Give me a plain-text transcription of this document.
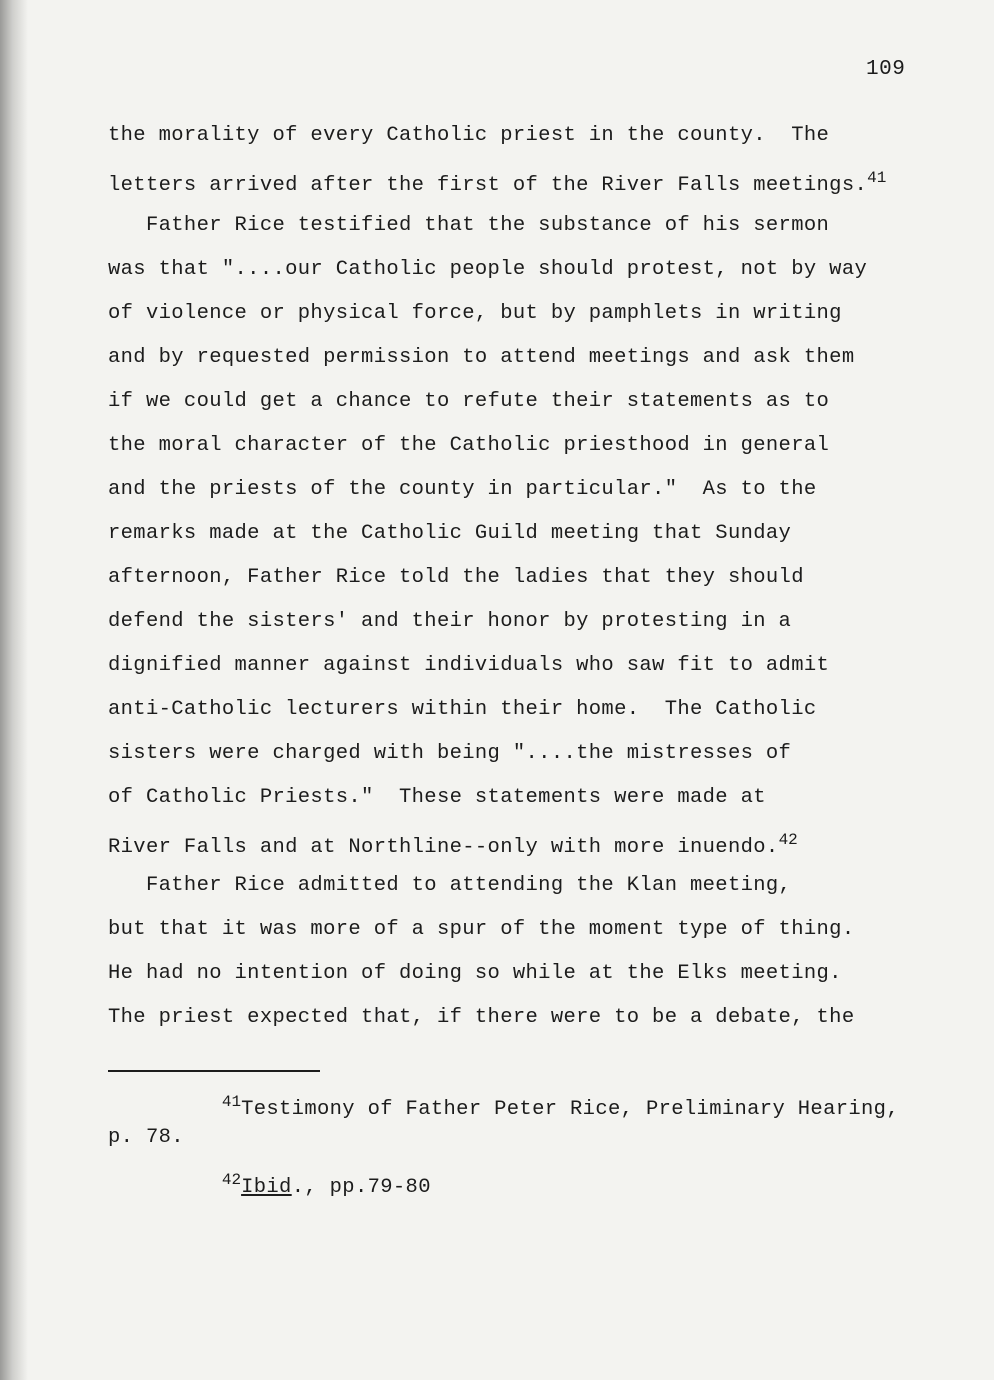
109
the morality of every Catholic priest in the county.  The
letters arrived after the first of the River Falls meetings.$^{41}$
Father Rice testified that the substance of his sermon
was that "....our Catholic people should protest, not by way
of violence or physical force, but by pamphlets in writing
and by requested permission to attend meetings and ask them
if we could get a chance to refute their statements as to
the moral character of the Catholic priesthood in general
and the priests of the county in particular."  As to the
remarks made at the Catholic Guild meeting that Sunday
afternoon, Father Rice told the ladies that they should
defend the sisters' and their honor by protesting in a
dignified manner against individuals who saw fit to admit
anti-Catholic lecturers within their home.  The Catholic
sisters were charged with being "....the mistresses of
of Catholic Priests."  These statements were made at
River Falls and at Northline--only with more inuendo.$^{42}$
Father Rice admitted to attending the Klan meeting,
but that it was more of a spur of the moment type of thing.
He had no intention of doing so while at the Elks meeting.
The priest expected that, if there were to be a debate, the
$^{41}$Testimony of Father Peter Rice, Preliminary Hearing,
p. 78.
$^{42}$Ibid., pp.79-80
